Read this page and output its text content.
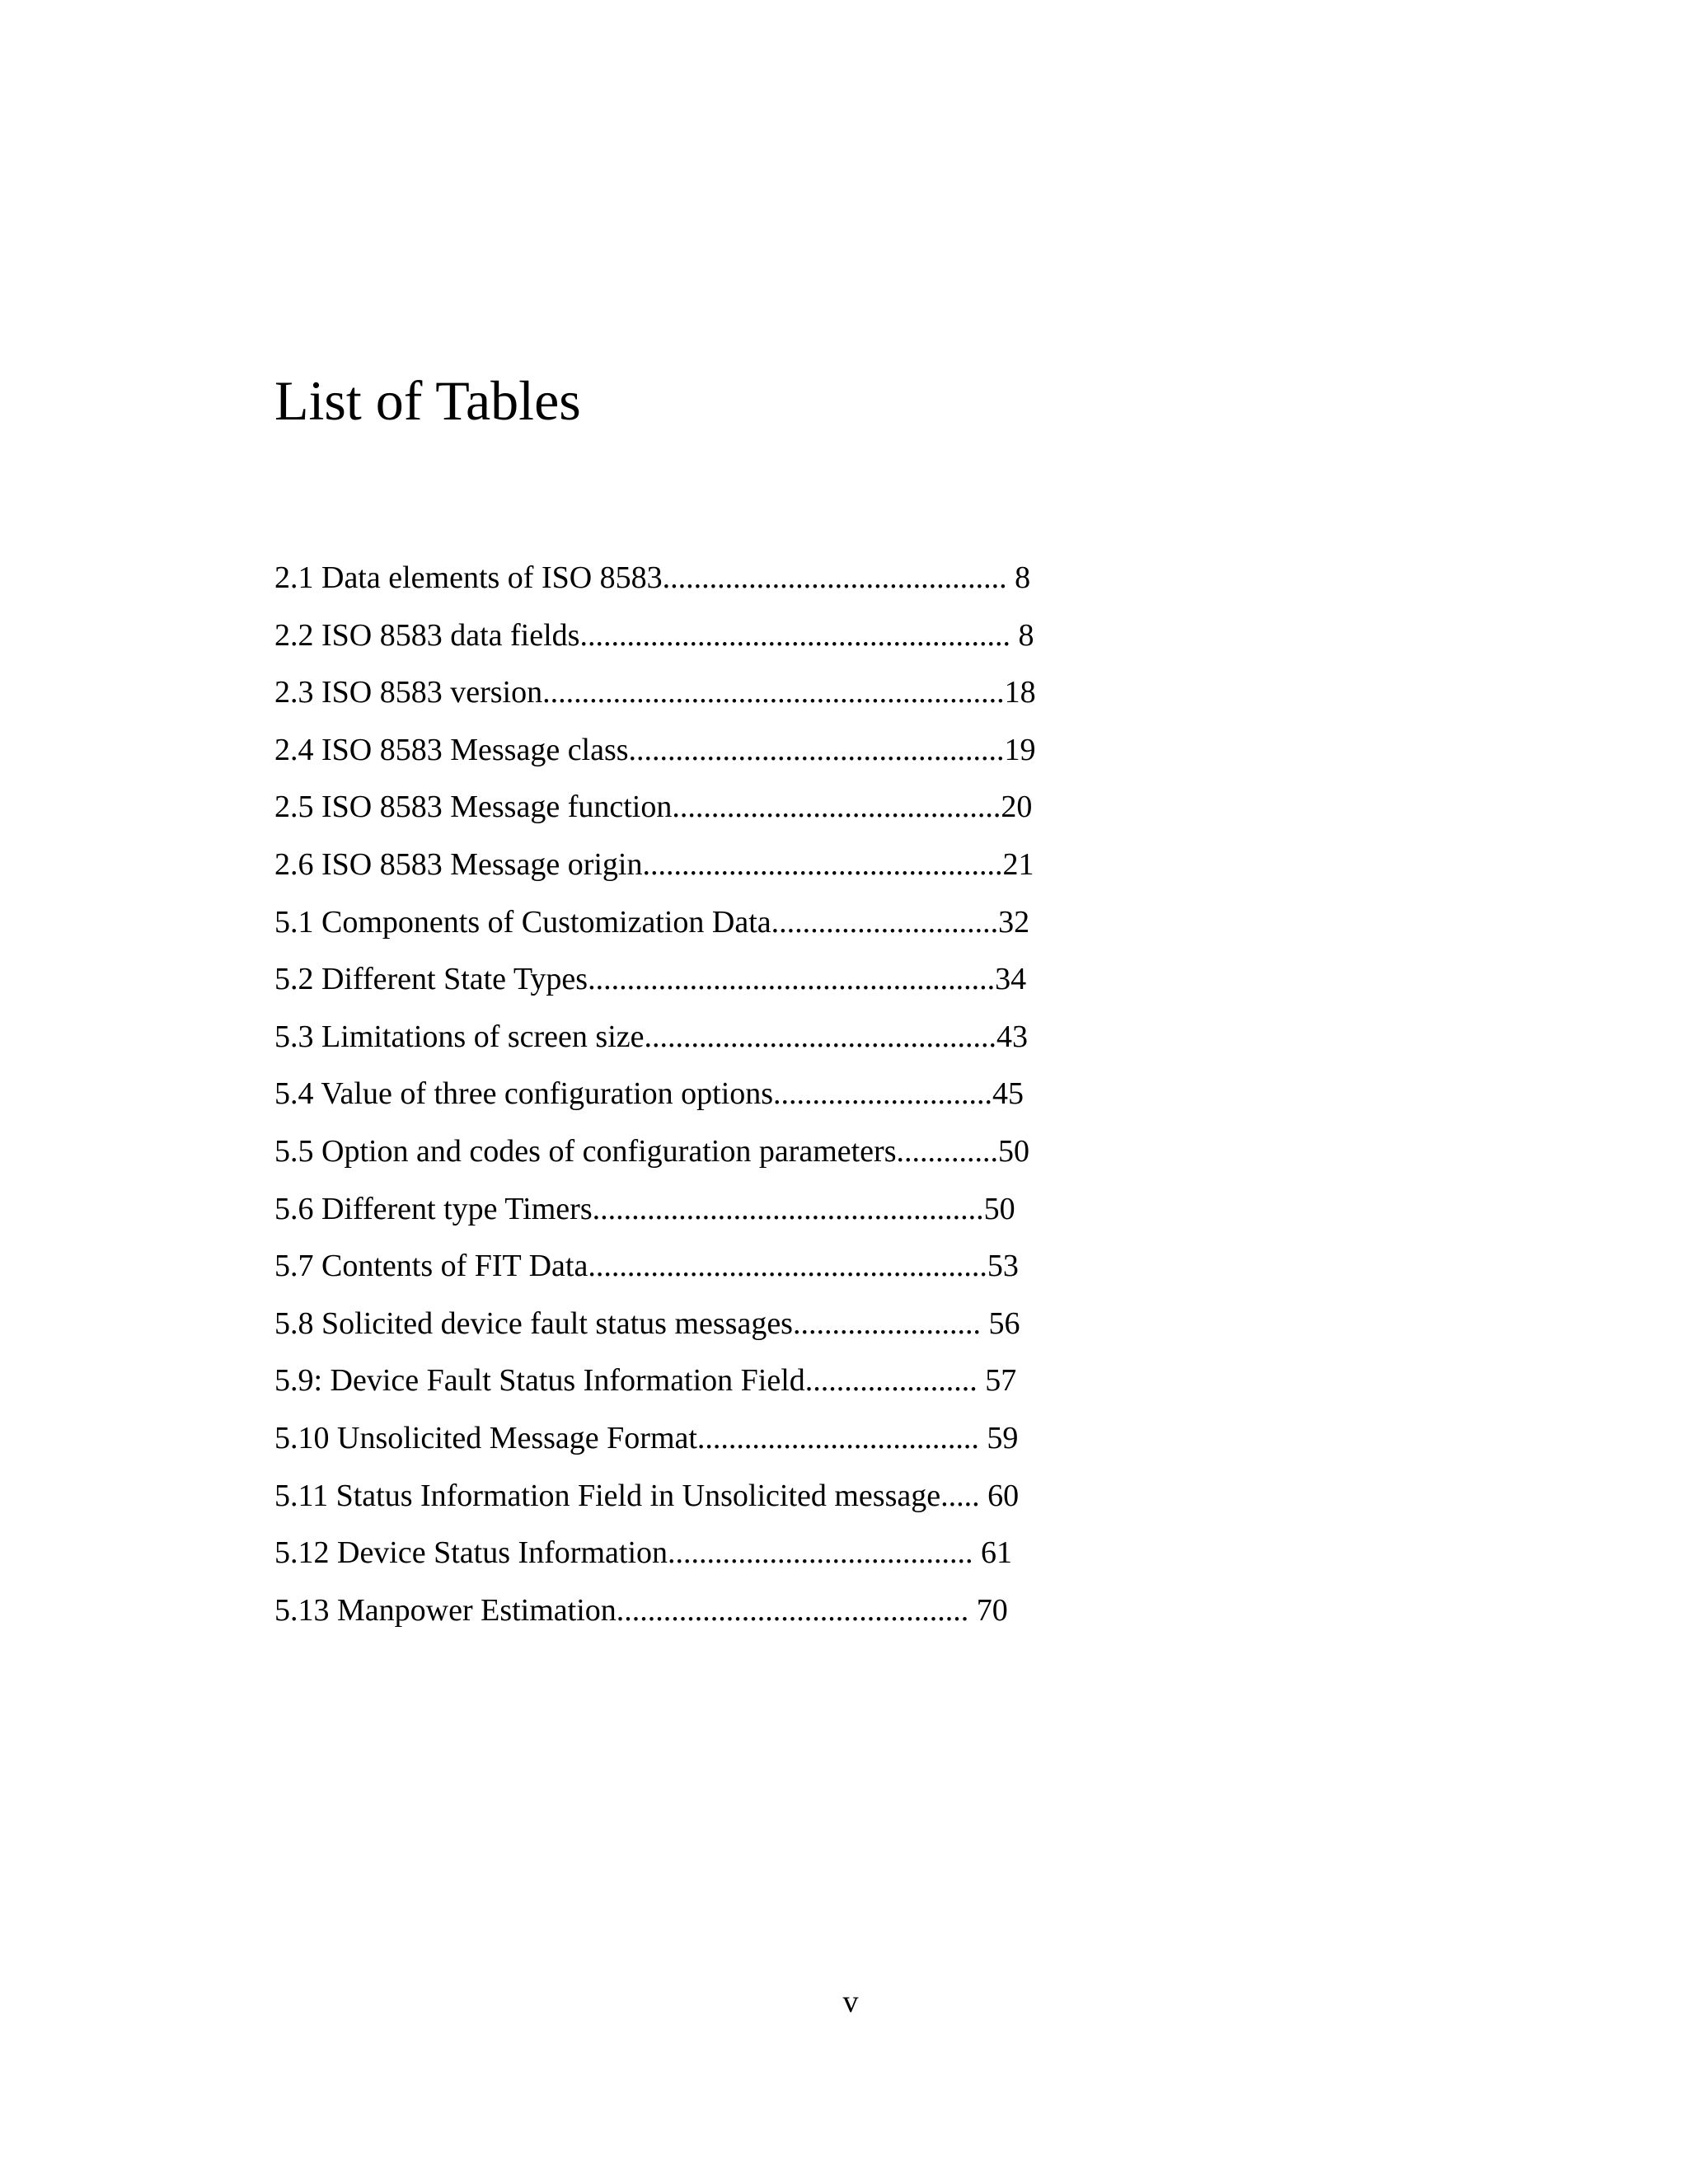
List of Tables
2.1 Data elements of ISO 8583............................................ 8
2.2 ISO 8583 data fields....................................................... 8
2.3 ISO 8583 version...........................................................18
2.4 ISO 8583 Message class................................................19
2.5 ISO 8583 Message function..........................................20
2.6 ISO 8583 Message origin..............................................21
5.1 Components of Customization Data.............................32
5.2 Different State Types....................................................34
5.3 Limitations of screen size.............................................43
5.4 Value of three configuration options............................45
5.5 Option and codes of configuration parameters.............50
5.6 Different type Timers..................................................50
5.7 Contents of FIT Data...................................................53
5.8 Solicited device fault status messages........................ 56
5.9: Device Fault Status Information Field...................... 57
5.10 Unsolicited Message Format.................................... 59
5.11 Status Information Field in Unsolicited message..... 60
5.12 Device Status Information....................................... 61
5.13 Manpower Estimation............................................. 70
v
